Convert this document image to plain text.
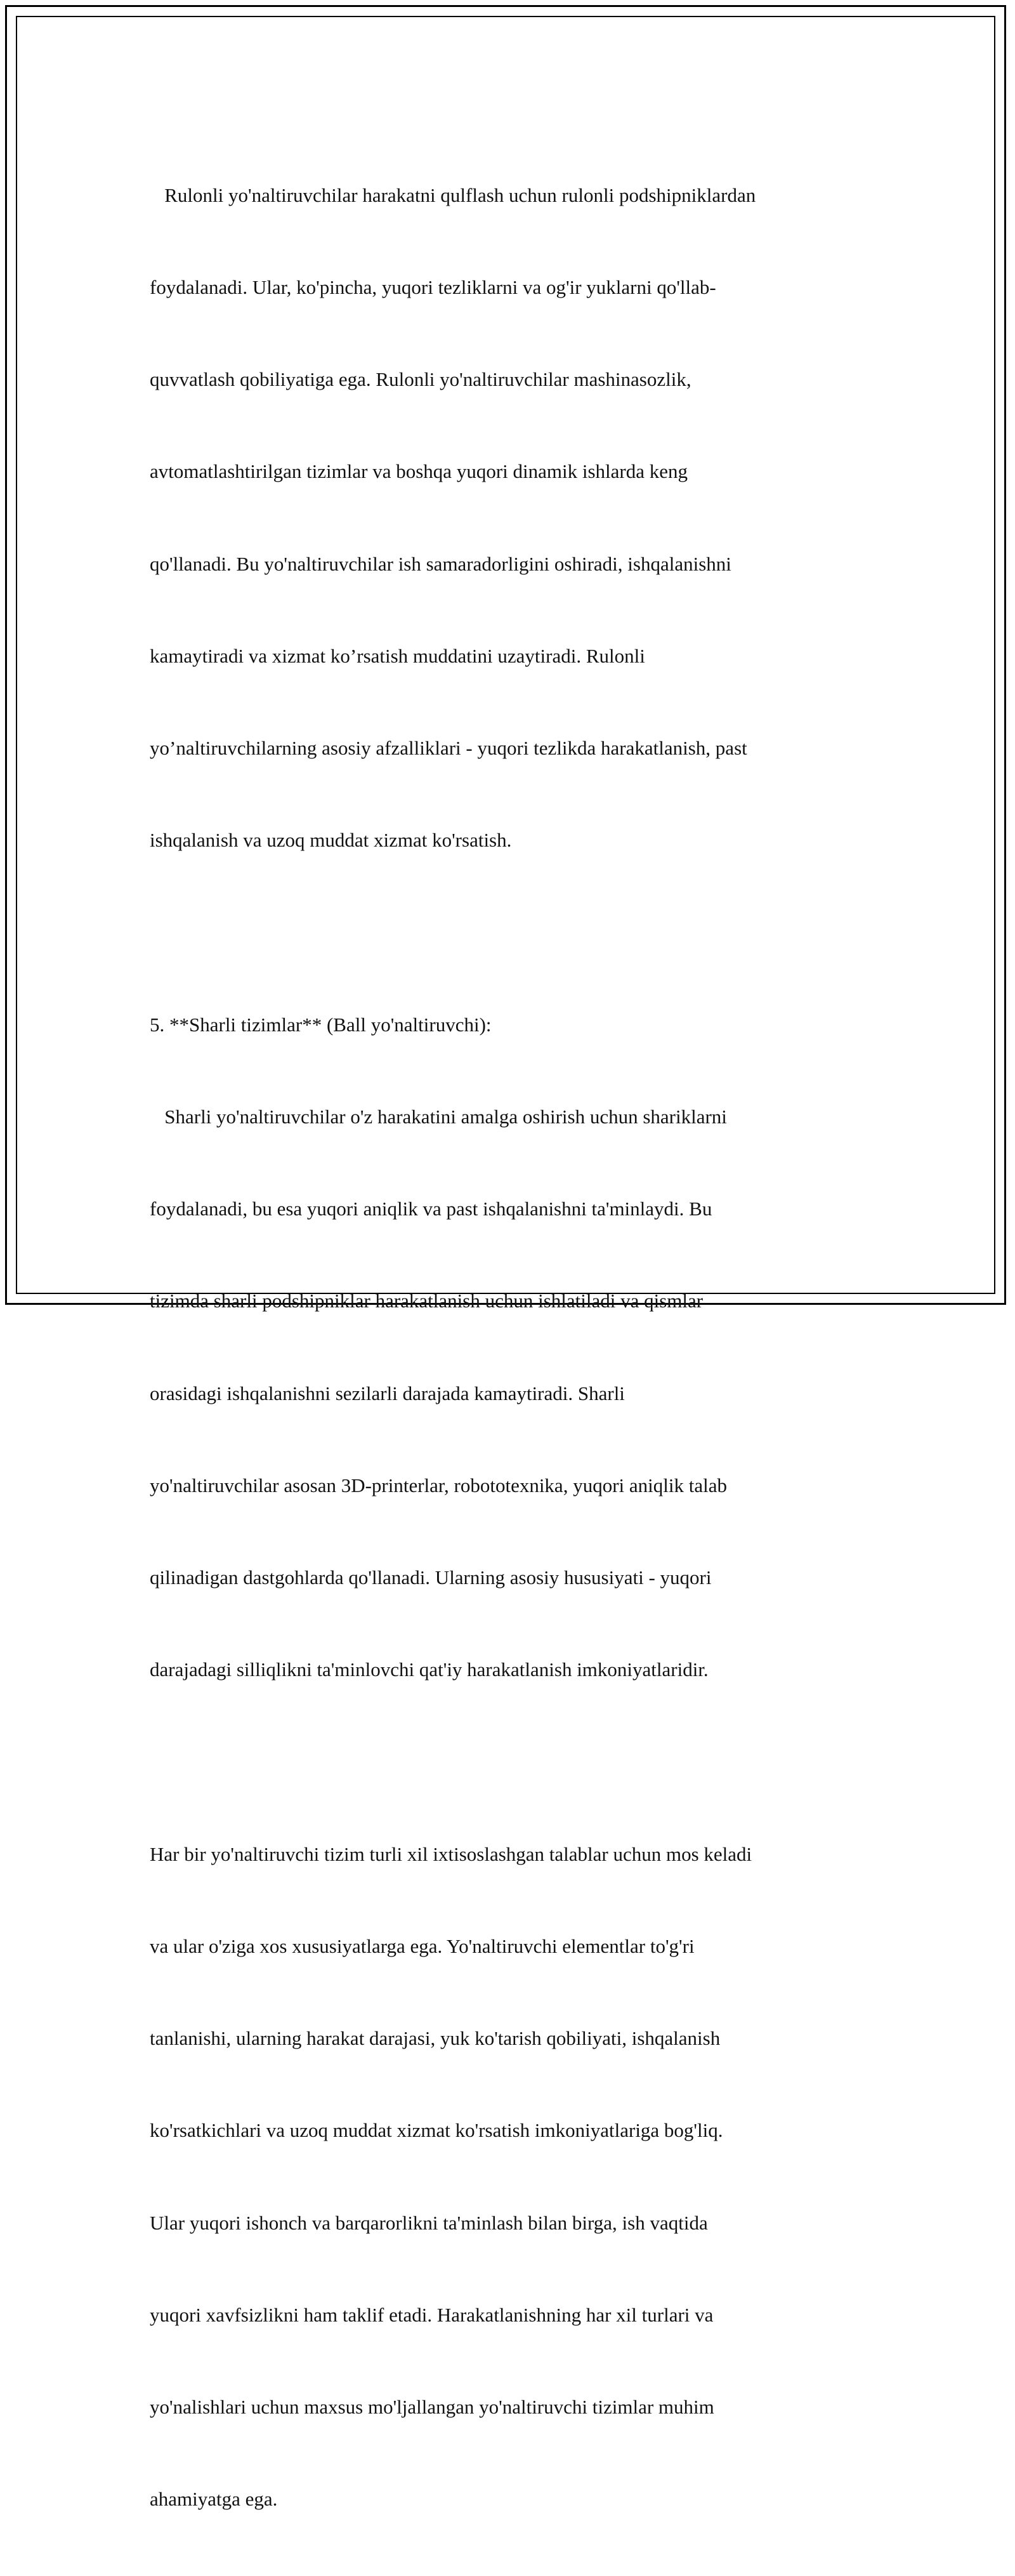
Rulonli yo'naltiruvchilar harakatni qulflash uchun rulonli podshipniklardan

foydalanadi. Ular, ko'pincha, yuqori tezliklarni va og'ir yuklarni qo'llab-

quvvatlash qobiliyatiga ega. Rulonli yo'naltiruvchilar mashinasozlik,

avtomatlashtirilgan tizimlar va boshqa yuqori dinamik ishlarda keng

qo'llanadi. Bu yo'naltiruvchilar ish samaradorligini oshiradi, ishqalanishni

kamaytiradi va xizmat ko’rsatish muddatini uzaytiradi. Rulonli

yo’naltiruvchilarning asosiy afzalliklari - yuqori tezlikda harakatlanish, past

ishqalanish va uzoq muddat xizmat ko'rsatish.

5. **Sharli tizimlar** (Ball yo'naltiruvchi):

Sharli yo'naltiruvchilar o'z harakatini amalga oshirish uchun shariklarni

foydalanadi, bu esa yuqori aniqlik va past ishqalanishni ta'minlaydi. Bu

tizimda sharli podshipniklar harakatlanish uchun ishlatiladi va qismlar

orasidagi ishqalanishni sezilarli darajada kamaytiradi. Sharli

yo'naltiruvchilar asosan 3D-printerlar, robototexnika, yuqori aniqlik talab

qilinadigan dastgohlarda qo'llanadi. Ularning asosiy hususiyati - yuqori

darajadagi silliqlikni ta'minlovchi qat'iy harakatlanish imkoniyatlaridir.

Har bir yo'naltiruvchi tizim turli xil ixtisoslashgan talablar uchun mos keladi

va ular o'ziga xos xususiyatlarga ega. Yo'naltiruvchi elementlar to'g'ri

tanlanishi, ularning harakat darajasi, yuk ko'tarish qobiliyati, ishqalanish

ko'rsatkichlari va uzoq muddat xizmat ko'rsatish imkoniyatlariga bog'liq.

Ular yuqori ishonch va barqarorlikni ta'minlash bilan birga, ish vaqtida

yuqori xavfsizlikni ham taklif etadi. Harakatlanishning har xil turlari va

yo'nalishlari uchun maxsus mo'ljallangan yo'naltiruvchi tizimlar muhim

ahamiyatga ega.
